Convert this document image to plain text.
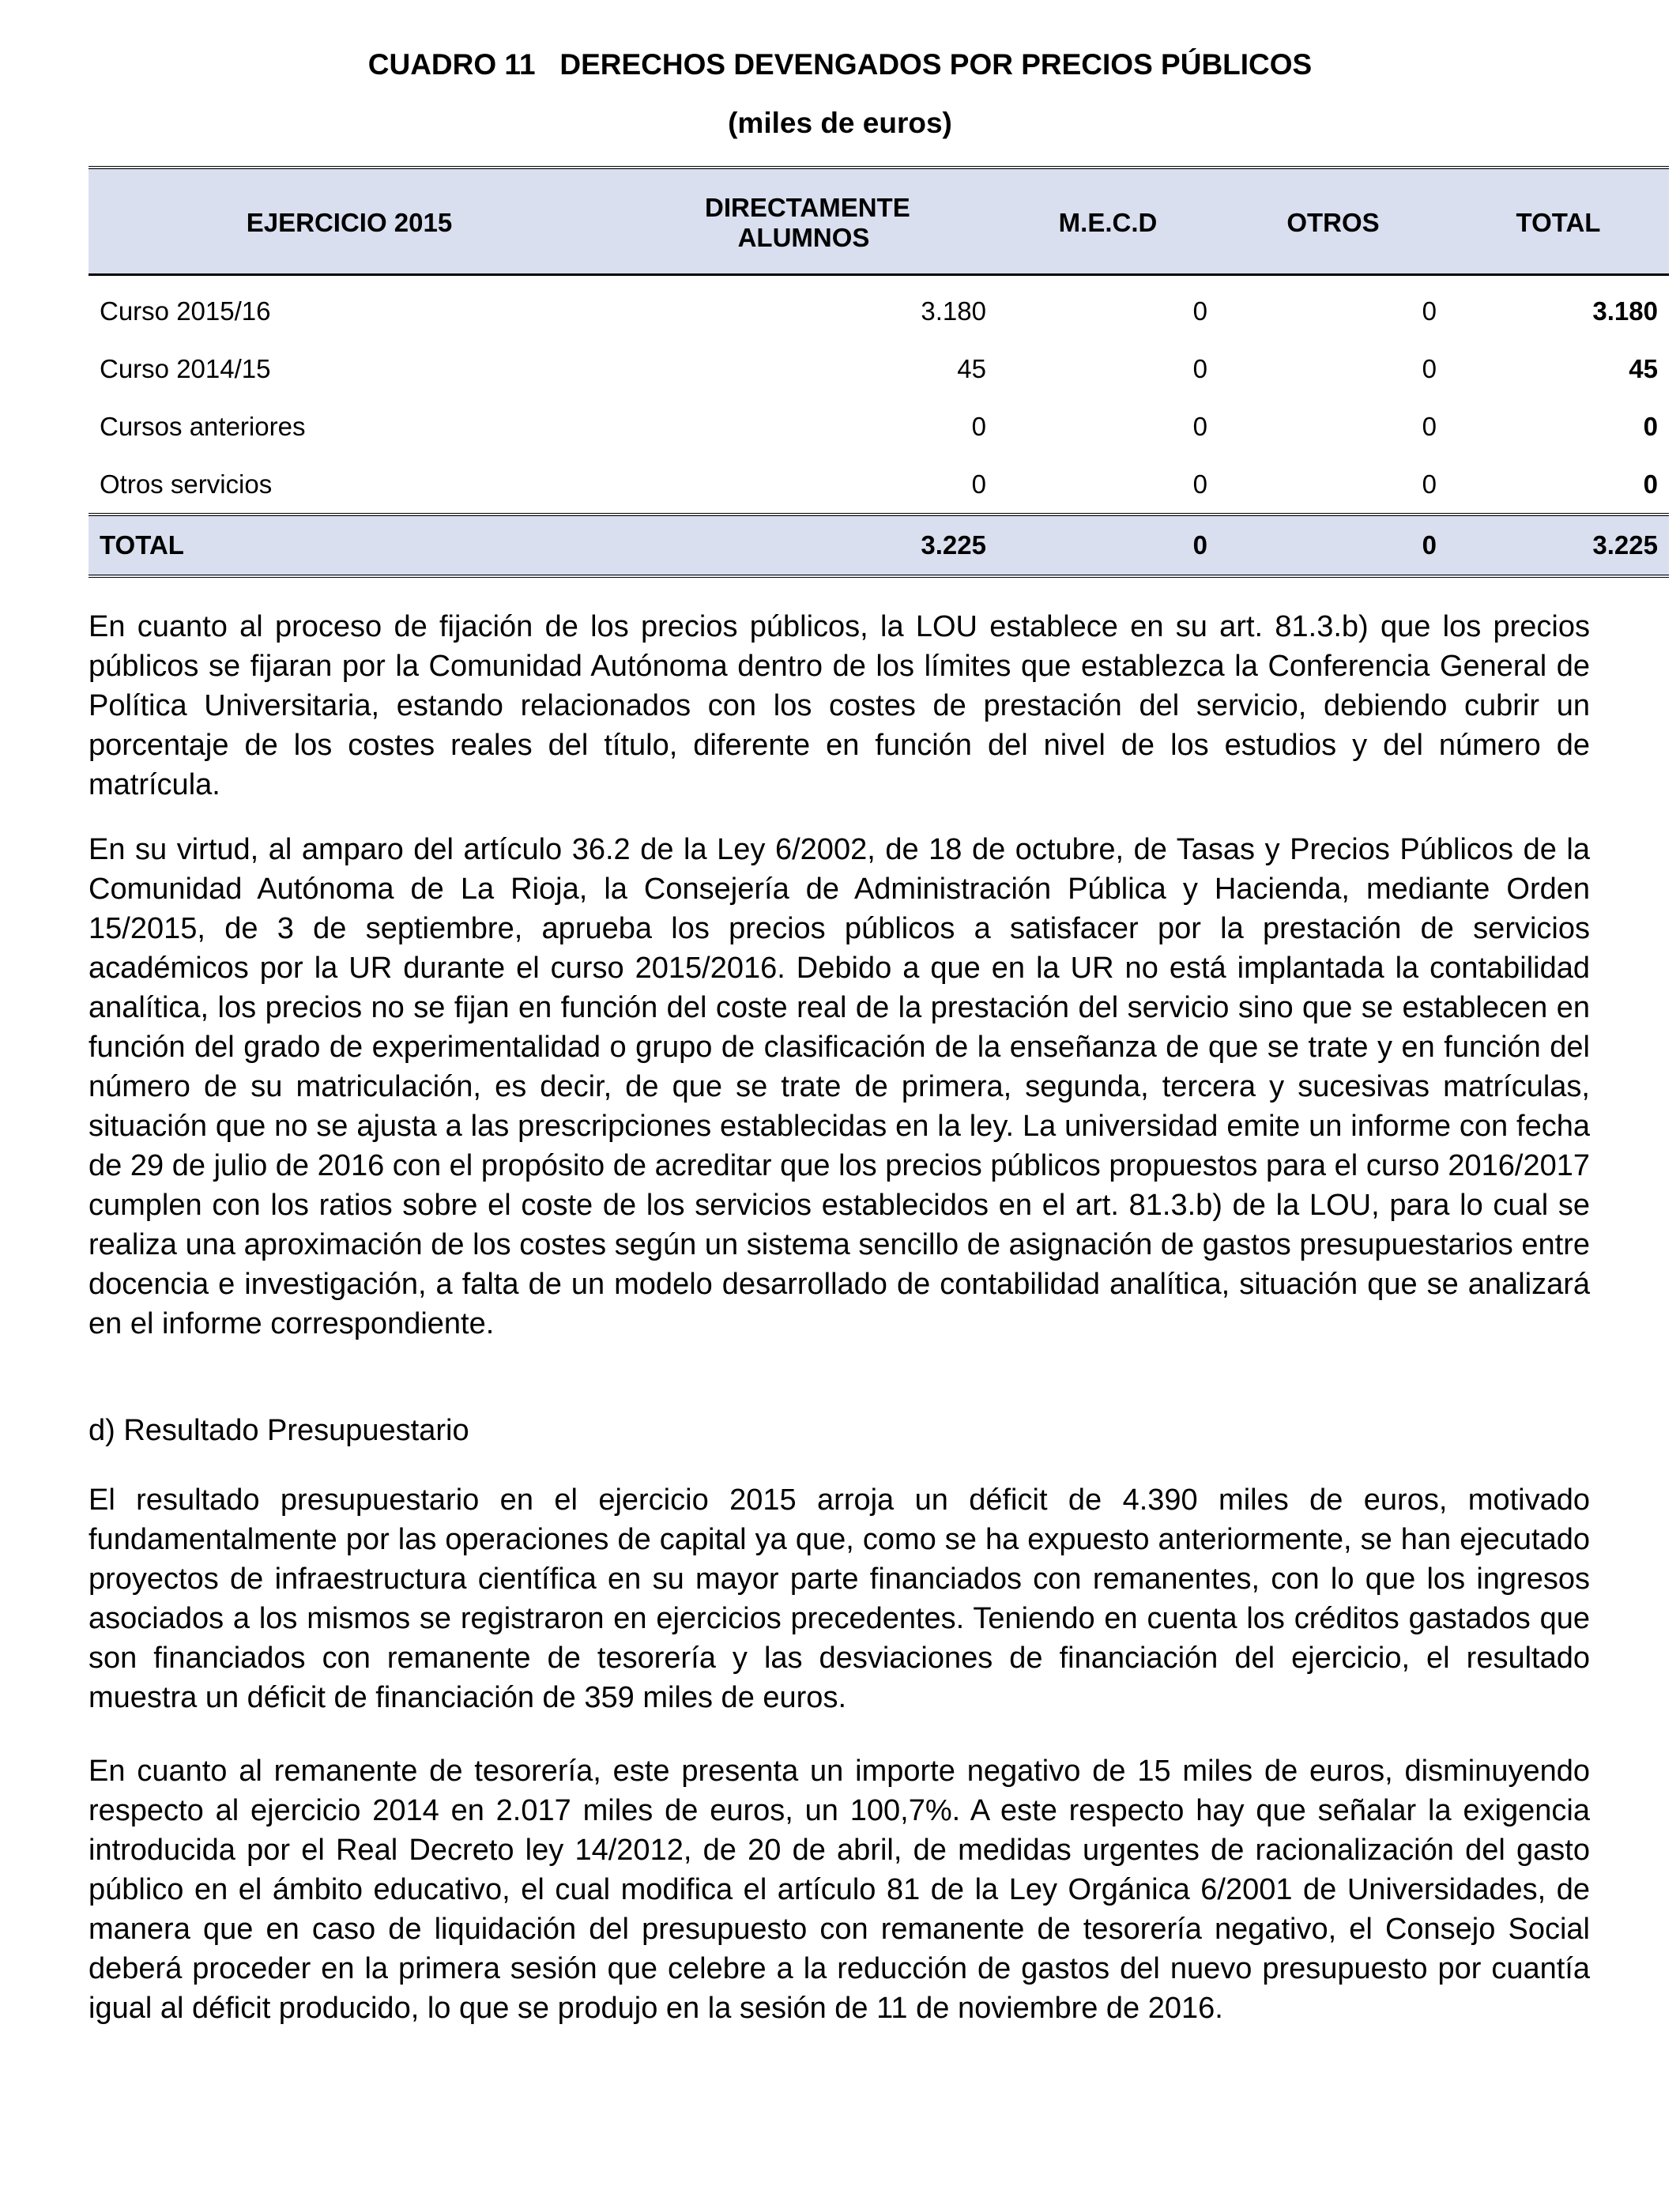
CUADRO 11   DERECHOS DEVENGADOS POR PRECIOS PÚBLICOS
(miles de euros)
EJERCICIO 2015	DIRECTAMENTE ALUMNOS	M.E.C.D	OTROS	TOTAL
Curso 2015/16	3.180	0	0	3.180
Curso 2014/15	45	0	0	45
Cursos anteriores	0	0	0	0
Otros servicios	0	0	0	0
TOTAL	3.225	0	0	3.225

En cuanto al proceso de fijación de los precios públicos, la LOU establece en su art. 81.3.b) que los precios públicos se fijaran por la Comunidad Autónoma dentro de los límites que establezca la Conferencia General de Política Universitaria, estando relacionados con los costes de prestación del servicio, debiendo cubrir un porcentaje de los costes reales del título, diferente en función del nivel de los estudios y del número de matrícula.

En su virtud, al amparo del artículo 36.2 de la Ley 6/2002, de 18 de octubre, de Tasas y Precios Públicos de la Comunidad Autónoma de La Rioja, la Consejería de Administración Pública y Hacienda, mediante Orden 15/2015, de 3 de septiembre, aprueba los precios públicos a satisfacer por la prestación de servicios académicos por la UR durante el curso 2015/2016. Debido a que en la UR no está implantada la contabilidad analítica, los precios no se fijan en función del coste real de la prestación del servicio sino que se establecen en función del grado de experimentalidad o grupo de clasificación de la enseñanza de que se trate y en función del número de su matriculación, es decir, de que se trate de primera, segunda, tercera y sucesivas matrículas, situación que no se ajusta a las prescripciones establecidas en la ley. La universidad emite un informe con fecha de 29 de julio de 2016 con el propósito de acreditar que los precios públicos propuestos para el curso 2016/2017 cumplen con los ratios sobre el coste de los servicios establecidos en el art. 81.3.b) de la LOU, para lo cual se realiza una aproximación de los costes según un sistema sencillo de asignación de gastos presupuestarios entre docencia e investigación, a falta de un modelo desarrollado de contabilidad analítica, situación que se analizará en el informe correspondiente.

d) Resultado Presupuestario

El resultado presupuestario en el ejercicio 2015 arroja un déficit de 4.390 miles de euros, motivado fundamentalmente por las operaciones de capital ya que, como se ha expuesto anteriormente, se han ejecutado proyectos de infraestructura científica en su mayor parte financiados con remanentes, con lo que los ingresos asociados a los mismos se registraron en ejercicios precedentes. Teniendo en cuenta los créditos gastados que son financiados con remanente de tesorería y las desviaciones de financiación del ejercicio, el resultado muestra un déficit de financiación de 359 miles de euros.

En cuanto al remanente de tesorería, este presenta un importe negativo de 15 miles de euros, disminuyendo respecto al ejercicio 2014 en 2.017 miles de euros, un 100,7%. A este respecto hay que señalar la exigencia introducida por el Real Decreto ley 14/2012, de 20 de abril, de medidas urgentes de racionalización del gasto público en el ámbito educativo, el cual modifica el artículo 81 de la Ley Orgánica 6/2001 de Universidades, de manera que en caso de liquidación del presupuesto con remanente de tesorería negativo, el Consejo Social deberá proceder en la primera sesión que celebre a la reducción de gastos del nuevo presupuesto por cuantía igual al déficit producido, lo que se produjo en la sesión de 11 de noviembre de 2016.
